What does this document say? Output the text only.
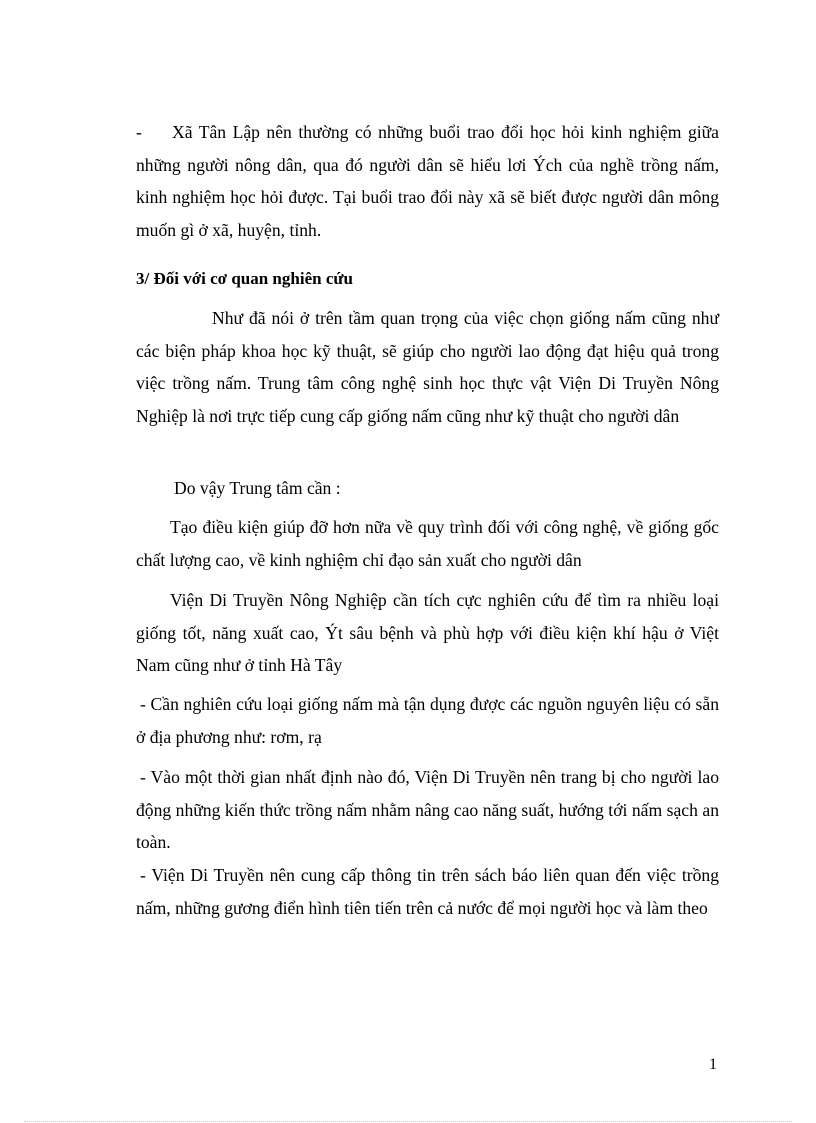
-	Xã Tân Lập nên thường có những buổi trao đổi học hỏi kinh nghiệm giữa những người nông dân, qua đó người dân sẽ hiểu lơi Ých của nghề trồng nấm, kinh nghiệm học hỏi được. Tại buổi trao đổi này xã sẽ biết được người dân mông muốn gì ở xã, huyện, tỉnh.

3/ Đối với cơ quan nghiên cứu

Như đã nói ở trên tầm quan trọng của việc chọn giống nấm cũng như các biện pháp khoa học kỹ thuật, sẽ giúp cho người lao động đạt hiệu quả trong việc trồng nấm. Trung tâm công nghệ sinh học thực vật Viện Di Truyền Nông Nghiệp là nơi trực tiếp cung cấp giống nấm cũng như kỹ thuật cho người dân

Do vậy Trung tâm cần :

Tạo điều kiện giúp đỡ hơn nữa về quy trình đối với công nghệ, về giống gốc chất lượng cao, về kinh nghiệm chỉ đạo sản xuất cho người dân

Viện Di Truyền Nông Nghiệp cần tích cực nghiên cứu để tìm ra nhiều loại giống tốt, năng xuất cao, Ýt sâu bệnh và phù hợp với điều kiện khí hậu ở Việt Nam cũng như ở tỉnh Hà Tây

- Cần nghiên cứu loại giống nấm mà tận dụng được các nguồn nguyên liệu có sẵn ở địa phương như: rơm, rạ

- Vào một thời gian nhất định nào đó, Viện Di Truyền nên trang bị cho người lao động những kiến thức trồng nấm nhằm nâng cao năng suất, hướng tới nấm sạch an toàn.

- Viện Di Truyền nên cung cấp thông tin trên sách báo liên quan đến việc trồng nấm, những gương điển hình tiên tiến trên cả nước để mọi người học và làm theo

1
